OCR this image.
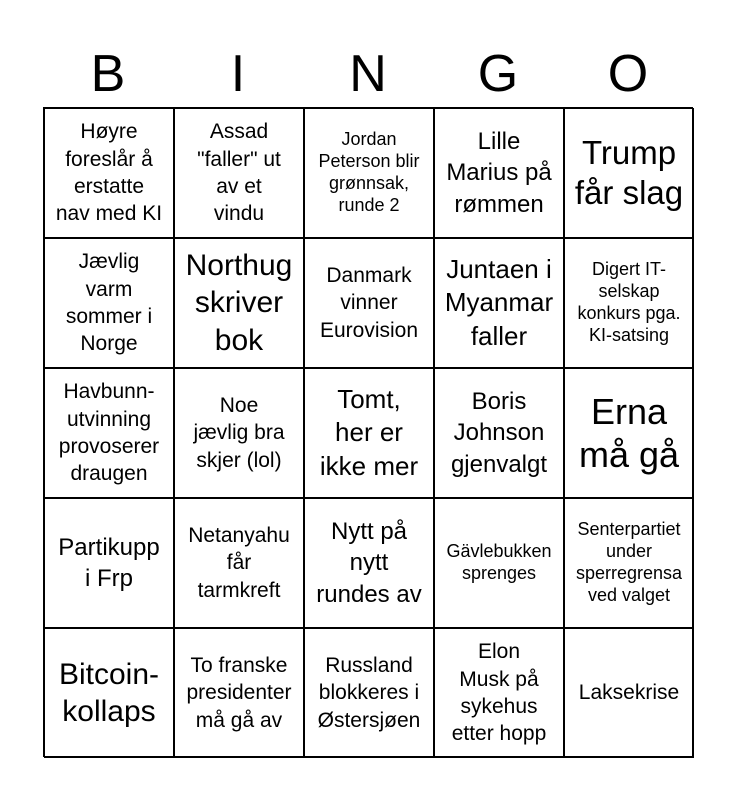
B	I	N	G	O
Høyre
foreslår å
erstatte
nav med KI
Assad
"faller" ut
av et
vindu
Jordan
Peterson blir
grønnsak,
runde 2
Lille
Marius på
rømmen
Trump
får slag
Jævlig
varm
sommer i
Norge
Northug
skriver
bok
Danmark
vinner
Eurovision
Juntaen i
Myanmar
faller
Digert IT-
selskap
konkurs pga.
KI-satsing
Havbunn-
utvinning
provoserer
draugen
Noe
jævlig bra
skjer (lol)
Tomt,
her er
ikke mer
Boris
Johnson
gjenvalgt
Erna
må gå
Partikupp
i Frp
Netanyahu
får
tarmkreft
Nytt på
nytt
rundes av
Gävlebukken
sprenges
Senterpartiet
under
sperregrensa
ved valget
Bitcoin-
kollaps
To franske
presidenter
må gå av
Russland
blokkeres i
Østersjøen
Elon
Musk på
sykehus
etter hopp
Laksekrise
